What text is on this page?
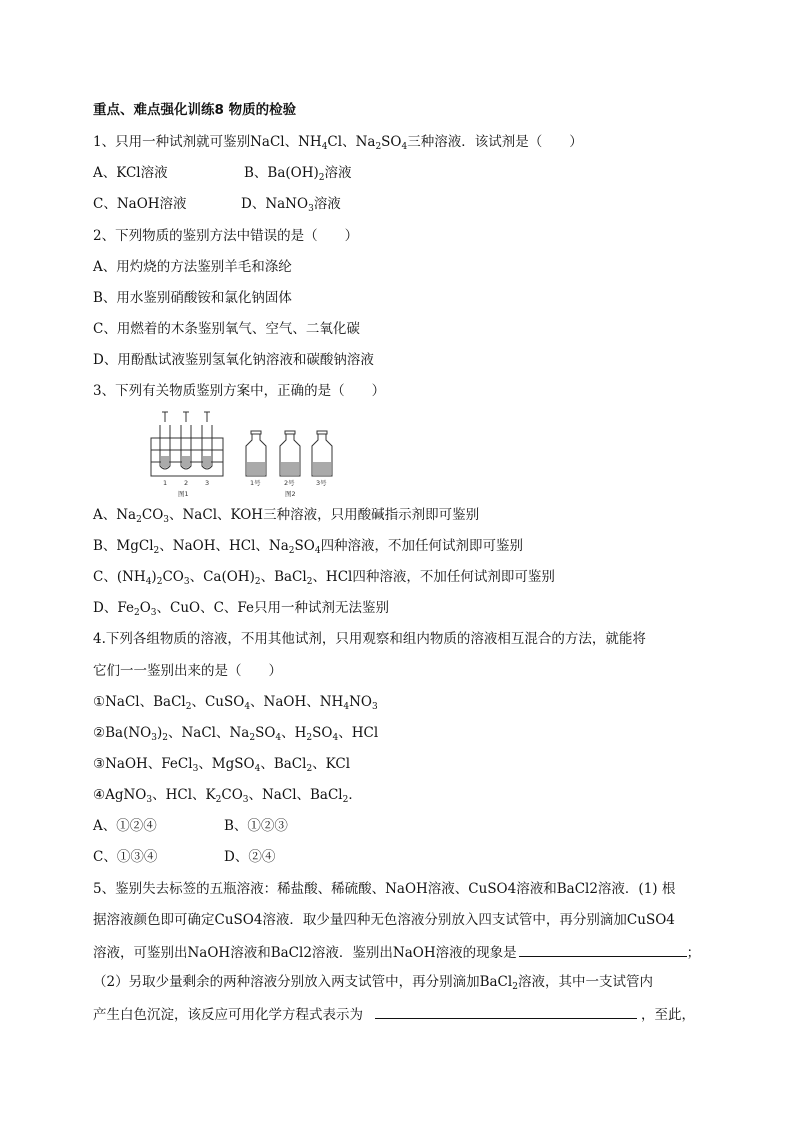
重点、难点强化训练8 物质的检验
1、只用一种试剂就可鉴别NaCl、$NH_4Cl$、$Na_2SO_4$三种溶液．该试剂是（　　）
A、KCl溶液	B、$Ba(OH)_2$溶液
C、NaOH溶液	D、NaNO$_3$溶液
2、下列物质的鉴别方法中错误的是（　　）
A、用灼烧的方法鉴别羊毛和涤纶
B、用水鉴别硝酸铵和氯化钠固体
C、用燃着的木条鉴别氧气、空气、二氧化碳
D、用酚酞试液鉴别氢氧化钠溶液和碳酸钠溶液
3、下列有关物质鉴别方案中，正确的是（　　）
1	2	3
图1
1号	2号	3号
图2
A、$Na_2CO_3$、NaCl、KOH三种溶液，只用酸碱指示剂即可鉴别
B、MgCl$_2$、NaOH、HCl、$Na_2SO_4$四种溶液，不加任何试剂即可鉴别
C、$(NH_4)_2CO_3$、$Ca(OH)_2$、BaCl$_2$、HCl四种溶液，不加任何试剂即可鉴别
D、$Fe_2O_3$、CuO、C、Fe只用一种试剂无法鉴别
4.下列各组物质的溶液，不用其他试剂，只用观察和组内物质的溶液相互混合的方法，就能将
它们一一鉴别出来的是（　　）
①NaCl、BaCl$_2$、CuSO$_4$、NaOH、$NH_4NO_3$
$②Ba(NO_3)_2$、NaCl、$Na_2SO_4$、$H_2SO_4$、HCl
③NaOH、FeCl$_3$、MgSO$_4$、BaCl$_2$、KCl
④AgNO$_3$、HCl、$K_2CO_3$、NaCl、BaCl$_2$．
A、①②④	B、①②③
C、①③④	D、②④
5、鉴别失去标签的五瓶溶液：稀盐酸、稀硫酸、NaOH溶液、CuSO4溶液和BaCl2溶液．(1) 根
据溶液颜色即可确定CuSO4溶液．取少量四种无色溶液分别放入四支试管中，再分别滴加CuSO4
溶液，可鉴别出NaOH溶液和BaCl2溶液．鉴别出NaOH溶液的现象是	；
（2）另取少量剩余的两种溶液分别放入两支试管中，再分别滴加BaCl$_2$溶液，其中一支试管内
产生白色沉淀，该反应可用化学方程式表示为	，至此，
